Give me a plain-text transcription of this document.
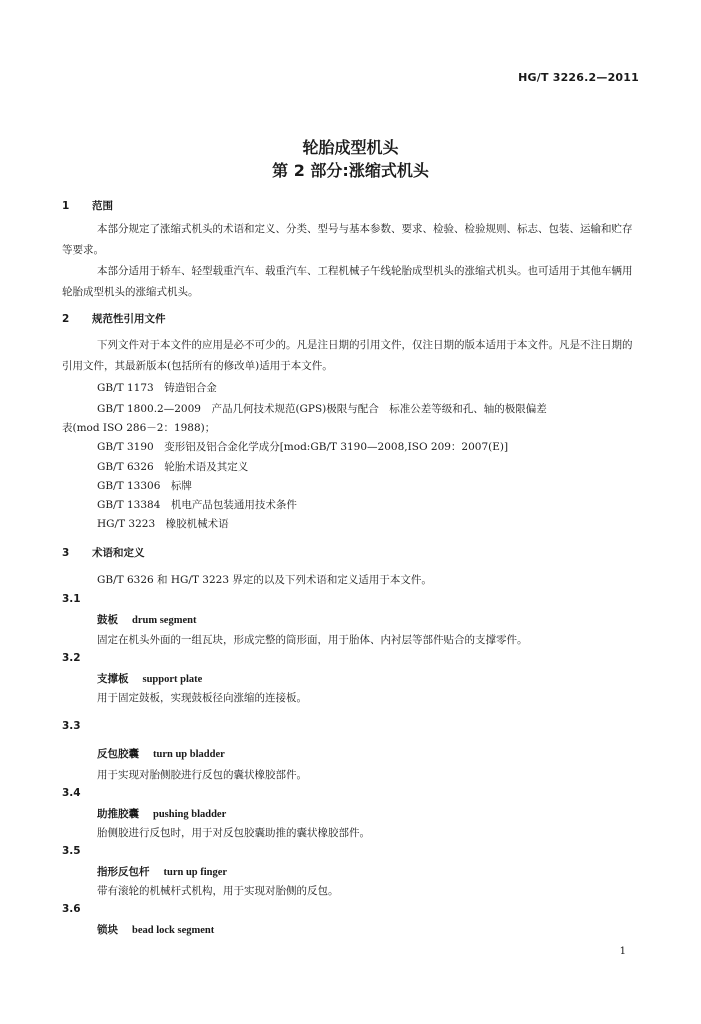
HG/T 3226.2—2011
轮胎成型机头
第 2 部分:涨缩式机头
1 范围
本部分规定了涨缩式机头的术语和定义、分类、型号与基本参数、要求、检验、检验规则、标志、包装、运输和贮存等要求。
本部分适用于轿车、轻型载重汽车、载重汽车、工程机械子午线轮胎成型机头的涨缩式机头。也可适用于其他车辆用轮胎成型机头的涨缩式机头。
2 规范性引用文件
下列文件对于本文件的应用是必不可少的。凡是注日期的引用文件，仅注日期的版本适用于本文件。凡是不注日期的引用文件，其最新版本(包括所有的修改单)适用于本文件。
GB/T 1173　铸造铝合金
GB/T 1800.2—2009　产品几何技术规范(GPS)极限与配合　标准公差等级和孔、轴的极限偏差
表(mod ISO 286－2：1988)；
GB/T 3190　变形铝及铝合金化学成分[mod:GB/T 3190—2008,ISO 209：2007(E)]
GB/T 6326　轮胎术语及其定义
GB/T 13306　标牌
GB/T 13384　机电产品包装通用技术条件
HG/T 3223　橡胶机械术语
3 术语和定义
GB/T 6326 和 HG/T 3223 界定的以及下列术语和定义适用于本文件。
3.1
鼓板 drum segment
固定在机头外面的一组瓦块，形成完整的筒形面，用于胎体、内衬层等部件贴合的支撑零件。
3.2
支撑板 support plate
用于固定鼓板，实现鼓板径向涨缩的连接板。
3.3
反包胶囊 turn up bladder
用于实现对胎侧胶进行反包的囊状橡胶部件。
3.4
助推胶囊 pushing bladder
胎侧胶进行反包时，用于对反包胶囊助推的囊状橡胶部件。
3.5
指形反包杆 turn up finger
带有滚轮的机械杆式机构，用于实现对胎侧的反包。
3.6
锁块 bead lock segment
1
